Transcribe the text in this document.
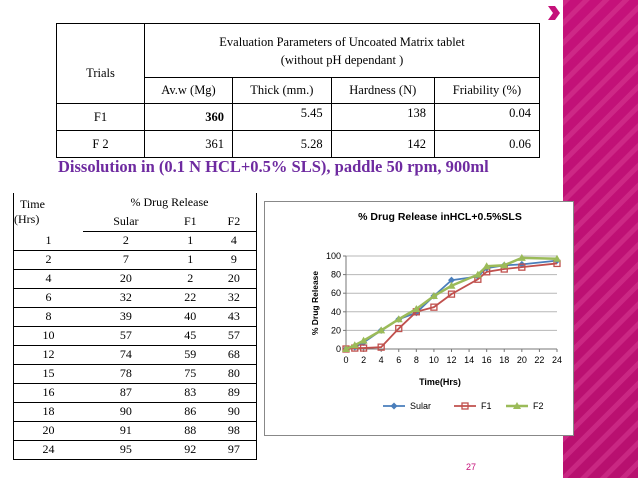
Trials	Evaluation Parameters of Uncoated Matrix tablet
(without pH dependant )			

	Av.w (Mg)	Thick (mm.)	Hardness (N)	Friability (%)
F1	360	5.45	138	0.04
F 2	361	5.28	142	0.06
Dissolution in (0.1 N HCL+0.5% SLS), paddle 50 rpm, 900ml
Time
(Hrs)	% Drug Release		
	Sular	F1	F2
1	2	1	4
2	7	1	9
4	20	2	20
6	32	22	32
8	39	40	43
10	57	45	57
12	74	59	68
15	78	75	80
16	87	83	89
18	90	86	90
20	91	88	98
24	95	92	97
% Drug Release inHCL+0.5%SLS
0
20
40
60
80
100
0 2 4 6 8 10 12 14 16 18 20 22 24
Time(Hrs)
% Drug Release
Sular	F1	F2
27
